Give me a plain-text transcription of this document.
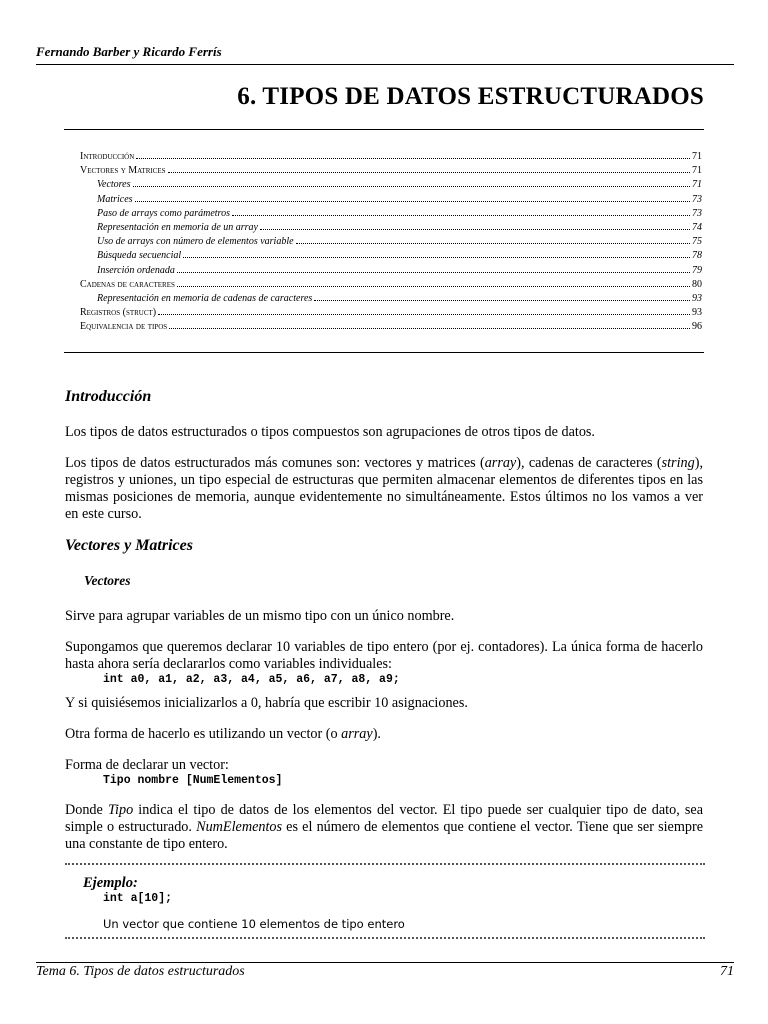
Fernando Barber y Ricardo Ferrís
6. TIPOS DE DATOS ESTRUCTURADOS
Introducción	71
Vectores y Matrices	71
Vectores	71
Matrices	73
Paso de arrays como parámetros	73
Representación en memoria de un array	74
Uso de arrays con número de elementos variable	75
Búsqueda secuencial	78
Inserción ordenada	79
Cadenas de caracteres	80
Representación en memoria de cadenas de caracteres	93
Registros (struct)	93
Equivalencia de tipos	96

Introducción

Los tipos de datos estructurados o tipos compuestos son agrupaciones de otros tipos de datos.

Los tipos de datos estructurados más comunes son: vectores y matrices (array), cadenas de caracteres (string), registros y uniones, un tipo especial de estructuras que permiten almacenar elementos de diferentes tipos en las mismas posiciones de memoria, aunque evidentemente no simultáneamente. Estos últimos no los vamos a ver en este curso.

Vectores y Matrices

Vectores

Sirve para agrupar variables de un mismo tipo con un único nombre.

Supongamos que queremos declarar 10 variables de tipo entero (por ej. contadores). La única forma de hacerlo hasta ahora sería declararlos como variables individuales:

int a0, a1, a2, a3, a4, a5, a6, a7, a8, a9;

Y si quisiésemos inicializarlos a 0, habría que escribir 10 asignaciones.

Otra forma de hacerlo es utilizando un vector (o array).

Forma de declarar un vector:

Tipo nombre [NumElementos]

Donde Tipo indica el tipo de datos de los elementos del vector. El tipo puede ser cualquier tipo de dato, sea simple o estructurado. NumElementos es el número de elementos que contiene el vector. Tiene que ser siempre una constante de tipo entero.

Ejemplo:
int a[10];
Un vector que contiene 10 elementos de tipo entero
Tema 6. Tipos de datos estructurados	71
